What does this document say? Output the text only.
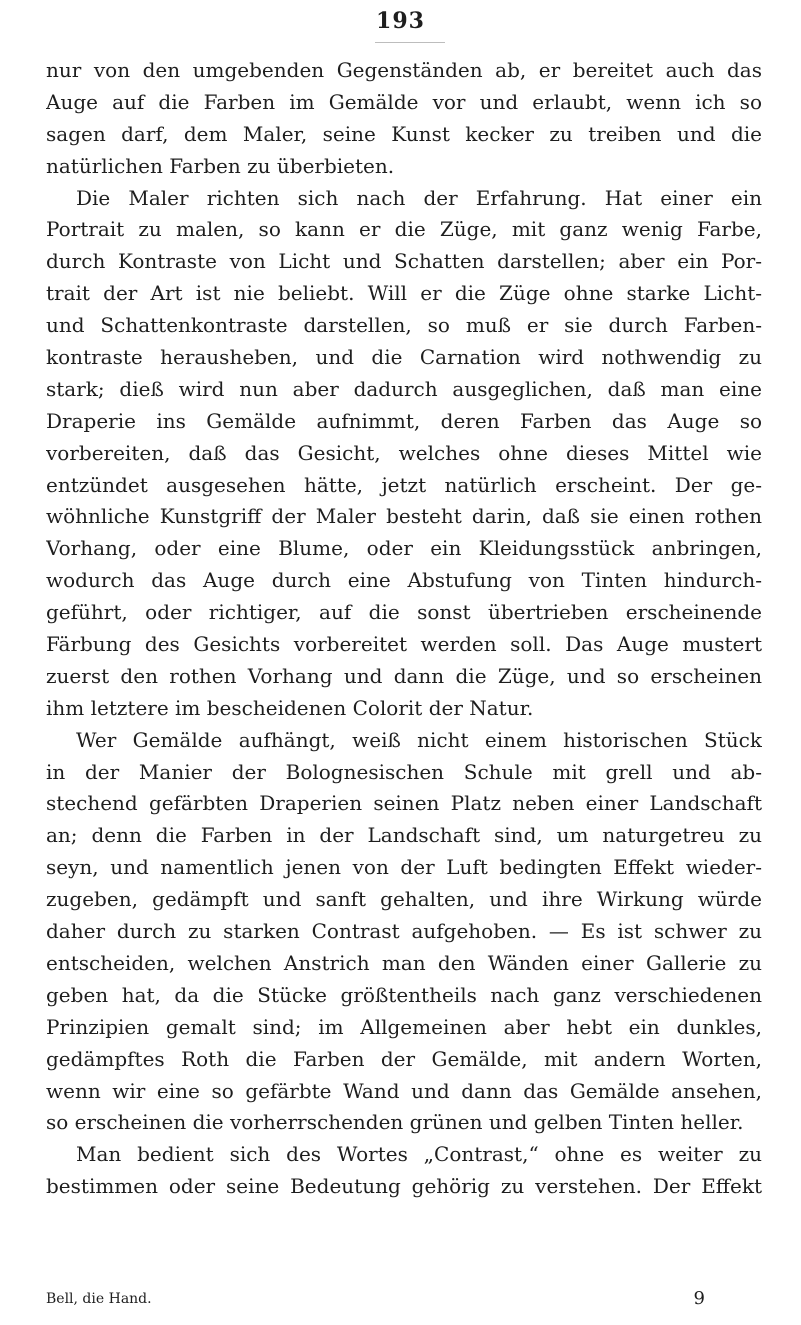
193
nur von den umgebenden Gegenständen ab, er bereitet auch das
Auge auf die Farben im Gemälde vor und erlaubt, wenn ich so
sagen darf, dem Maler, seine Kunst kecker zu treiben und die
natürlichen Farben zu überbieten.
Die Maler richten sich nach der Erfahrung. Hat einer ein
Portrait zu malen, so kann er die Züge, mit ganz wenig Farbe,
durch Kontraste von Licht und Schatten darstellen; aber ein Por-
trait der Art ist nie beliebt. Will er die Züge ohne starke Licht-
und Schattenkontraste darstellen, so muß er sie durch Farben-
kontraste herausheben, und die Carnation wird nothwendig zu
stark; dieß wird nun aber dadurch ausgeglichen, daß man eine
Draperie ins Gemälde aufnimmt, deren Farben das Auge so
vorbereiten, daß das Gesicht, welches ohne dieses Mittel wie
entzündet ausgesehen hätte, jetzt natürlich erscheint. Der ge-
wöhnliche Kunstgriff der Maler besteht darin, daß sie einen rothen
Vorhang, oder eine Blume, oder ein Kleidungsstück anbringen,
wodurch das Auge durch eine Abstufung von Tinten hindurch-
geführt, oder richtiger, auf die sonst übertrieben erscheinende
Färbung des Gesichts vorbereitet werden soll. Das Auge mustert
zuerst den rothen Vorhang und dann die Züge, und so erscheinen
ihm letztere im bescheidenen Colorit der Natur.
Wer Gemälde aufhängt, weiß nicht einem historischen Stück
in der Manier der Bolognesischen Schule mit grell und ab-
stechend gefärbten Draperien seinen Platz neben einer Landschaft
an; denn die Farben in der Landschaft sind, um naturgetreu zu
seyn, und namentlich jenen von der Luft bedingten Effekt wieder-
zugeben, gedämpft und sanft gehalten, und ihre Wirkung würde
daher durch zu starken Contrast aufgehoben. — Es ist schwer zu
entscheiden, welchen Anstrich man den Wänden einer Gallerie zu
geben hat, da die Stücke größtentheils nach ganz verschiedenen
Prinzipien gemalt sind; im Allgemeinen aber hebt ein dunkles,
gedämpftes Roth die Farben der Gemälde, mit andern Worten,
wenn wir eine so gefärbte Wand und dann das Gemälde ansehen,
so erscheinen die vorherrschenden grünen und gelben Tinten heller.
Man bedient sich des Wortes „Contrast,“ ohne es weiter zu
bestimmen oder seine Bedeutung gehörig zu verstehen. Der Effekt
Bell, die Hand.	9
